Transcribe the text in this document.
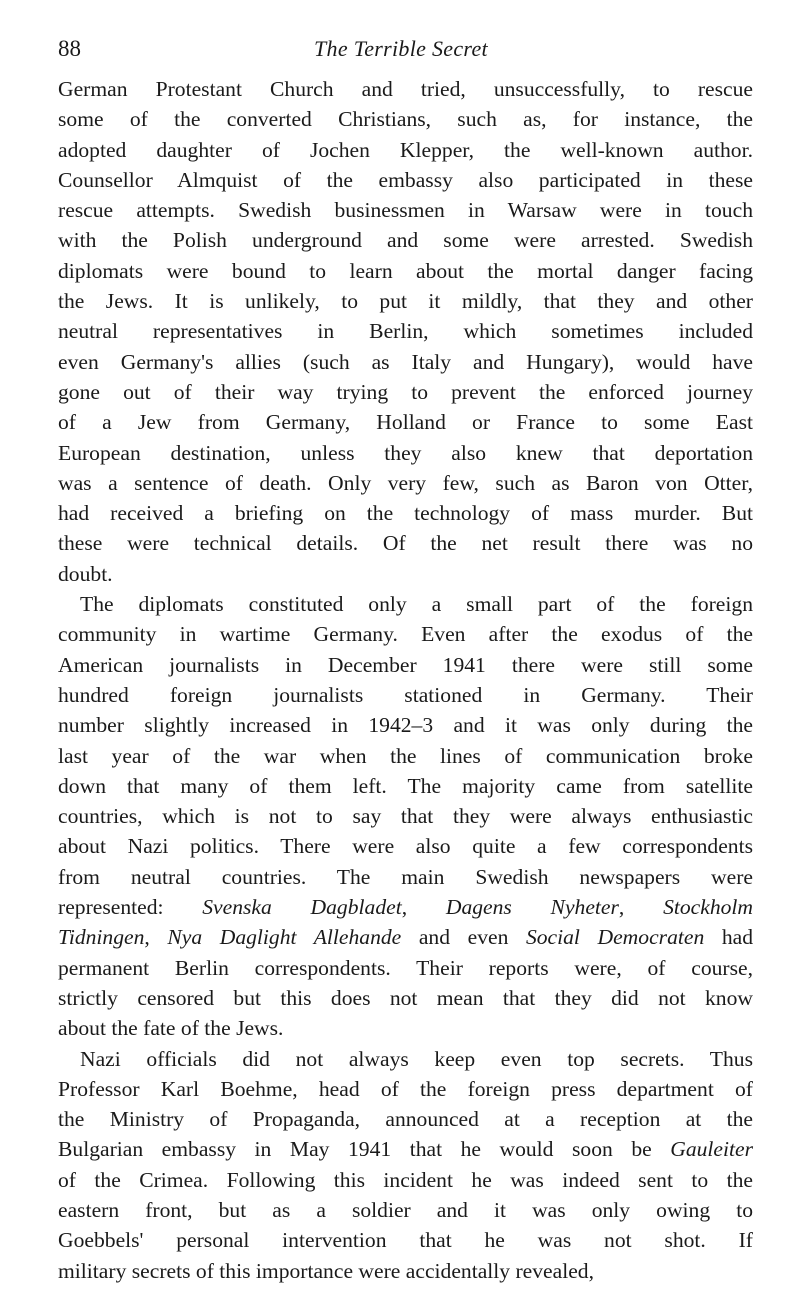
88	The Terrible Secret
German Protestant Church and tried, unsuccessfully, to rescue
some of the converted Christians, such as, for instance, the
adopted daughter of Jochen Klepper, the well-known author.
Counsellor Almquist of the embassy also participated in these
rescue attempts. Swedish businessmen in Warsaw were in touch
with the Polish underground and some were arrested. Swedish
diplomats were bound to learn about the mortal danger facing
the Jews. It is unlikely, to put it mildly, that they and other
neutral representatives in Berlin, which sometimes included
even Germany's allies (such as Italy and Hungary), would have
gone out of their way trying to prevent the enforced journey
of a Jew from Germany, Holland or France to some East
European destination, unless they also knew that deportation
was a sentence of death. Only very few, such as Baron von Otter,
had received a briefing on the technology of mass murder. But
these were technical details. Of the net result there was no
doubt.
The diplomats constituted only a small part of the foreign
community in wartime Germany. Even after the exodus of the
American journalists in December 1941 there were still some
hundred foreign journalists stationed in Germany. Their
number slightly increased in 1942–3 and it was only during the
last year of the war when the lines of communication broke
down that many of them left. The majority came from satellite
countries, which is not to say that they were always enthusiastic
about Nazi politics. There were also quite a few correspondents
from neutral countries. The main Swedish newspapers were
represented: Svenska Dagbladet, Dagens Nyheter, Stockholm
Tidningen, Nya Daglight Allehande and even Social Democraten had
permanent Berlin correspondents. Their reports were, of course,
strictly censored but this does not mean that they did not know
about the fate of the Jews.
Nazi officials did not always keep even top secrets. Thus
Professor Karl Boehme, head of the foreign press department of
the Ministry of Propaganda, announced at a reception at the
Bulgarian embassy in May 1941 that he would soon be Gauleiter
of the Crimea. Following this incident he was indeed sent to the
eastern front, but as a soldier and it was only owing to
Goebbels' personal intervention that he was not shot. If
military secrets of this importance were accidentally revealed,
